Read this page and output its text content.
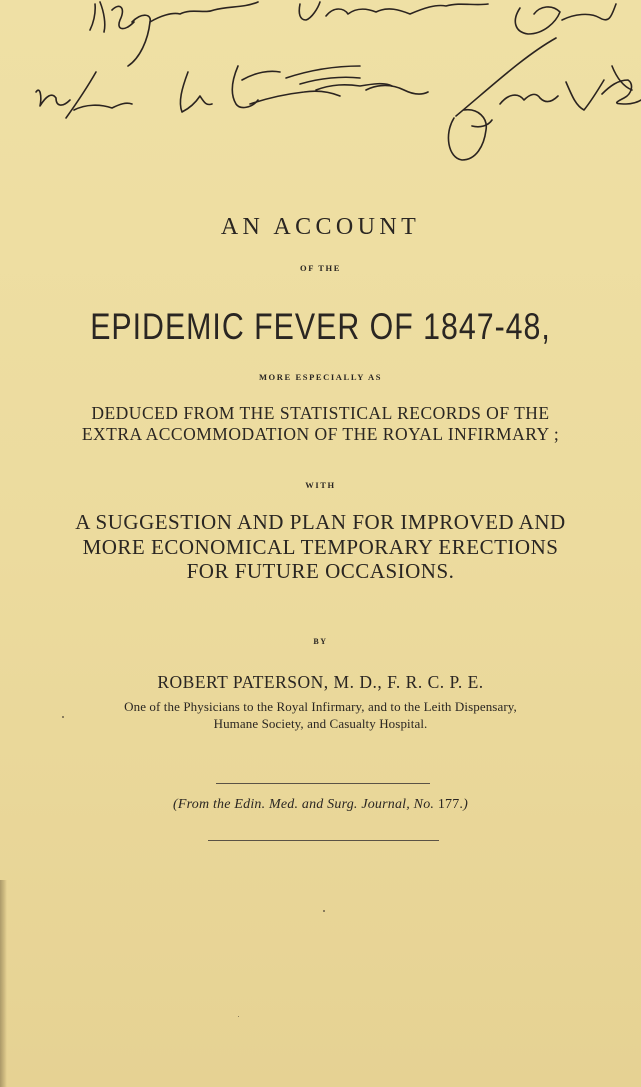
AN ACCOUNT
OF THE
EPIDEMIC FEVER OF 1847-48,
MORE ESPECIALLY AS
DEDUCED FROM THE STATISTICAL RECORDS OF THE
EXTRA ACCOMMODATION OF THE ROYAL INFIRMARY ;
WITH
A SUGGESTION AND PLAN FOR IMPROVED AND
MORE ECONOMICAL TEMPORARY ERECTIONS
FOR FUTURE OCCASIONS.
BY
ROBERT PATERSON, M. D., F. R. C. P. E.
One of the Physicians to the Royal Infirmary, and to the Leith Dispensary,
Humane Society, and Casualty Hospital.
(From the Edin. Med. and Surg. Journal, No. 177.)
